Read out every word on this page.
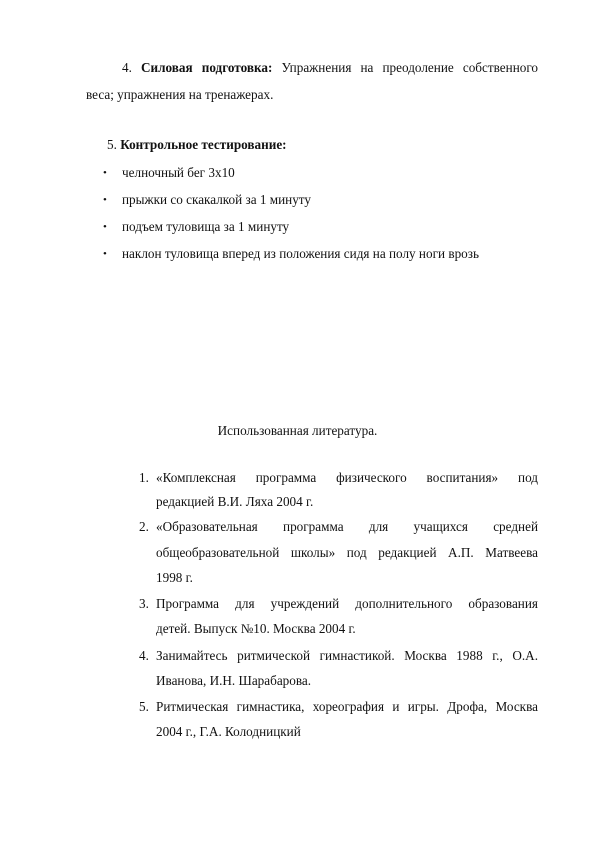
4. Силовая подготовка: Упражнения на преодоление собственного
веса; упражнения на тренажерах.
5. Контрольное тестирование:
• челночный бег 3х10
• прыжки со скакалкой за 1 минуту
• подъем туловища за 1 минуту
• наклон туловища вперед из положения сидя на полу ноги врозь
Использованная литература.
1. «Комплексная программа физического воспитания» под
редакцией В.И. Ляха 2004 г.
2. «Образовательная программа для учащихся средней
общеобразовательной школы» под редакцией А.П. Матвеева
1998 г.
3. Программа для учреждений дополнительного образования
детей. Выпуск №10. Москва 2004 г.
4. Занимайтесь ритмической гимнастикой. Москва 1988 г., О.А.
Иванова, И.Н. Шарабарова.
5. Ритмическая гимнастика, хореография и игры. Дрофа, Москва
2004 г., Г.А. Колодницкий
